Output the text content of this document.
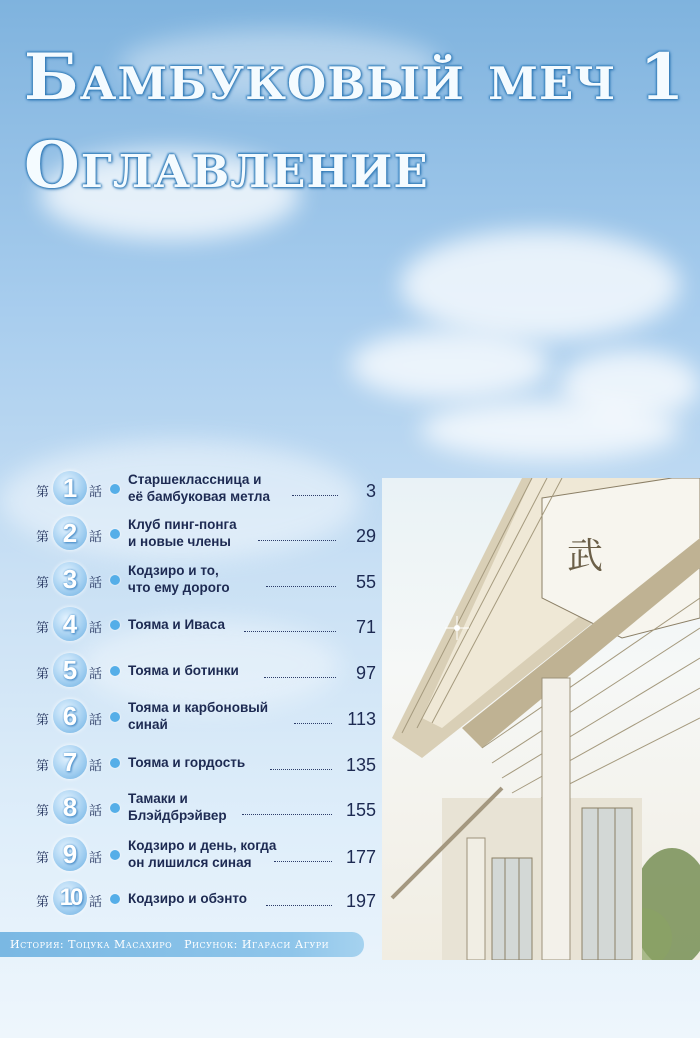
Бамбуковый меч 1
Оглавление
武
第 1 話
Старшеклассница и
её бамбуковая метла	3
第 2 話
Клуб пинг-понга
и новые члены	29
第 3 話
Кодзиро и то,
что ему дорого	55
第 4 話 Тояма и Иваса	71
第 5 話 Тояма и ботинки	97
第 6 話
Тояма и карбоновый
синай	113
第 7 話 Тояма и гордость	135
第 8 話
Тамаки и
Блэйдбрэйвер	155
第 9 話
Кодзиро и день, когда
он лишился синая	177
第 10 話 Кодзиро и обэнто	197
История:
Тоцука Масахиро
Рисунок:
Игараси Агури
